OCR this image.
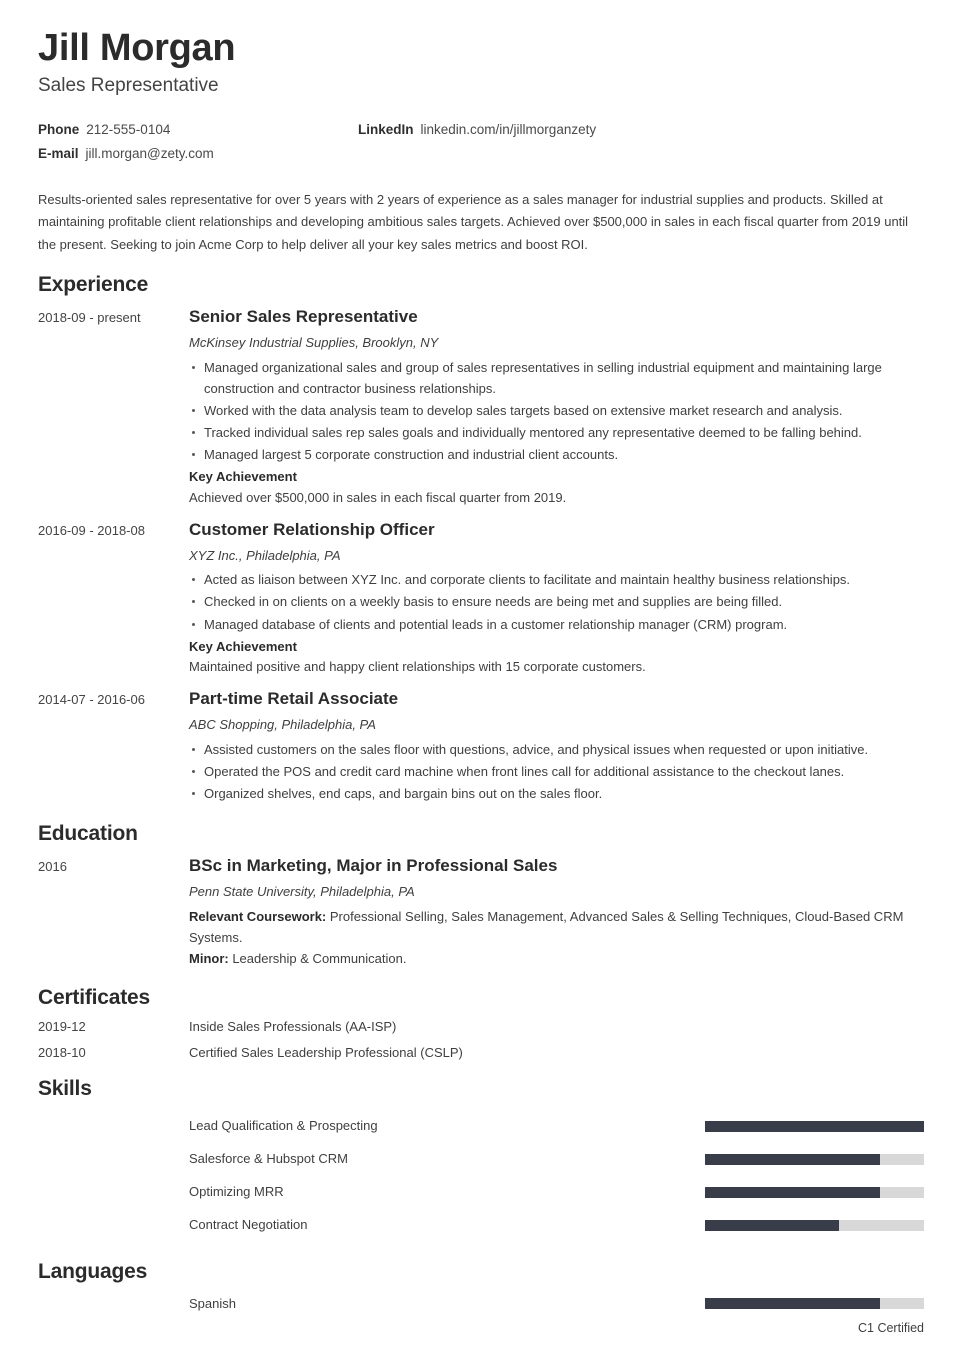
Jill Morgan
Sales Representative
Phone 212-555-0104	LinkedIn linkedin.com/in/jillmorganzety
E-mail jill.morgan@zety.com

Results-oriented sales representative for over 5 years with 2 years of experience as a sales manager for industrial supplies and products. Skilled at maintaining profitable client relationships and developing ambitious sales targets. Achieved over $500,000 in sales in each fiscal quarter from 2019 until the present. Seeking to join Acme Corp to help deliver all your key sales metrics and boost ROI.

Experience
2018-09 - present	Senior Sales Representative
McKinsey Industrial Supplies, Brooklyn, NY
Managed organizational sales and group of sales representatives in selling industrial equipment and maintaining large construction and contractor business relationships.
Worked with the data analysis team to develop sales targets based on extensive market research and analysis.
Tracked individual sales rep sales goals and individually mentored any representative deemed to be falling behind.
Managed largest 5 corporate construction and industrial client accounts.
Key Achievement
Achieved over $500,000 in sales in each fiscal quarter from 2019.
2016-09 - 2018-08	Customer Relationship Officer
XYZ Inc., Philadelphia, PA
Acted as liaison between XYZ Inc. and corporate clients to facilitate and maintain healthy business relationships.
Checked in on clients on a weekly basis to ensure needs are being met and supplies are being filled.
Managed database of clients and potential leads in a customer relationship manager (CRM) program.
Key Achievement
Maintained positive and happy client relationships with 15 corporate customers.
2014-07 - 2016-06	Part-time Retail Associate
ABC Shopping, Philadelphia, PA
Assisted customers on the sales floor with questions, advice, and physical issues when requested or upon initiative.
Operated the POS and credit card machine when front lines call for additional assistance to the checkout lanes.
Organized shelves, end caps, and bargain bins out on the sales floor.
Education
2016	BSc in Marketing, Major in Professional Sales
Penn State University, Philadelphia, PA
Relevant Coursework: Professional Selling, Sales Management, Advanced Sales & Selling Techniques, Cloud-Based CRM Systems.
Minor: Leadership & Communication.
Certificates
2019-12	Inside Sales Professionals (AA-ISP)
2018-10	Certified Sales Leadership Professional (CSLP)
Skills
Lead Qualification & Prospecting
Salesforce & Hubspot CRM
Optimizing MRR
Contract Negotiation
Languages
Spanish
C1 Certified
